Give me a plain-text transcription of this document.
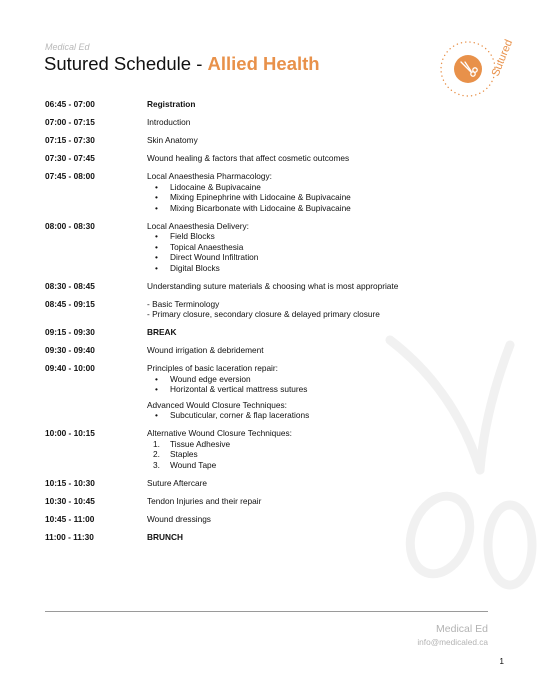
Medical Ed
Sutured Schedule - Allied Health	Sutured
06:45 - 07:00	Registration
07:00 - 07:15	Introduction
07:15 - 07:30	Skin Anatomy
07:30 - 07:45	Wound healing & factors that affect cosmetic outcomes
07:45 - 08:00	Local Anaesthesia Pharmacology:
• Lidocaine & Bupivacaine
• Mixing Epinephrine with Lidocaine & Bupivacaine
• Mixing Bicarbonate with Lidocaine & Bupivacaine
08:00 - 08:30	Local Anaesthesia Delivery:
• Field Blocks
• Topical Anaesthesia
• Direct Wound Infiltration
• Digital Blocks
08:30 - 08:45	Understanding suture materials & choosing what is most appropriate
08:45 - 09:15	- Basic Terminology
- Primary closure, secondary closure & delayed primary closure
09:15 - 09:30	BREAK
09:30 - 09:40	Wound irrigation & debridement
09:40 - 10:00	Principles of basic laceration repair:
• Wound edge eversion
• Horizontal & vertical mattress sutures
Advanced Would Closure Techniques:
• Subcuticular, corner & flap lacerations
10:00 - 10:15	Alternative Wound Closure Techniques:
1. Tissue Adhesive
2. Staples
3. Wound Tape
10:15 - 10:30	Suture Aftercare
10:30 - 10:45	Tendon Injuries and their repair
10:45 - 11:00	Wound dressings
11:00 - 11:30	BRUNCH
Medical Ed
info@medicaled.ca
1
